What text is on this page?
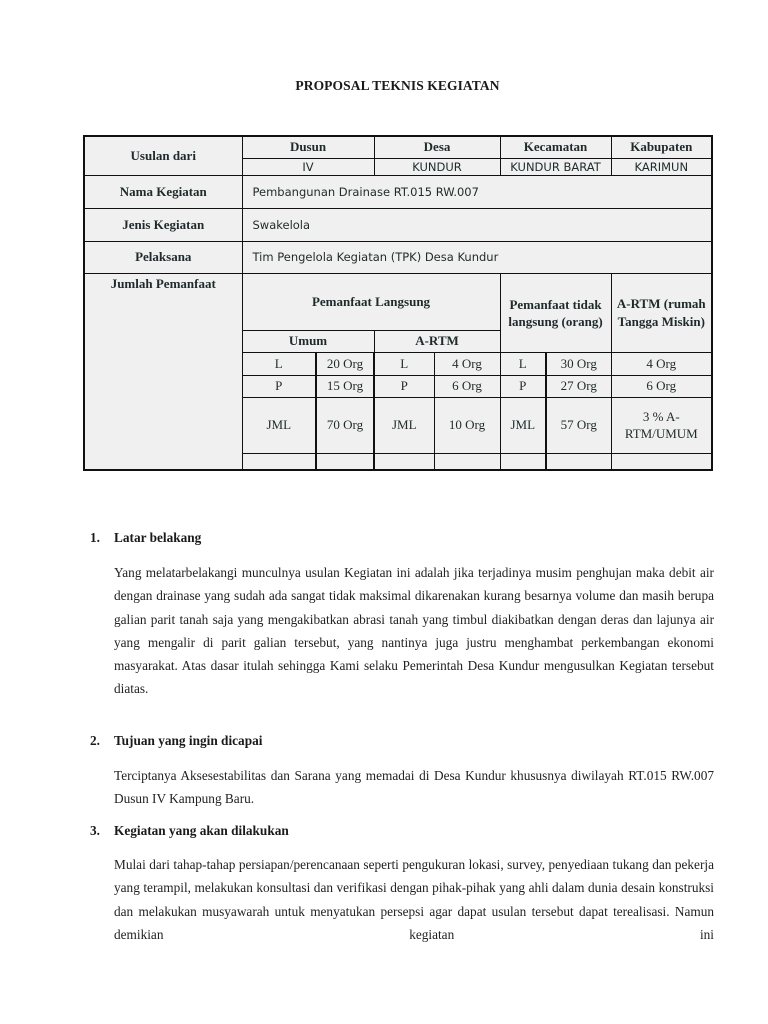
PROPOSAL TEKNIS KEGIATAN
Usulan dari	Dusun		Desa		Kecamatan		Kabupaten
	IV		KUNDUR		KUNDUR BARAT		KARIMUN
Nama Kegiatan	Pembangunan Drainase RT.015 RW.007						
Jenis Kegiatan	Swakelola						
Pelaksana	Tim Pengelola Kegiatan (TPK) Desa Kundur						
Jumlah Pemanfaat	Pemanfaat Langsung				Pemanfaat tidak langsung (orang)		A-RTM (rumah Tangga Miskin)
	Umum		A-RTM				
	L	20 Org	L	4 Org	L	30 Org	4 Org
	P	15 Org	P	6 Org	P	27 Org	6 Org
	JML	70 Org	JML	10 Org	JML	57 Org	3 % A-RTM/UMUM

1. Latar belakang
Yang melatarbelakangi munculnya usulan Kegiatan ini adalah jika terjadinya musim penghujan maka debit air dengan drainase yang sudah ada sangat tidak maksimal dikarenakan kurang besarnya volume dan masih berupa galian parit tanah saja yang mengakibatkan abrasi tanah yang timbul diakibatkan dengan deras dan lajunya air yang mengalir di parit galian tersebut, yang nantinya juga justru menghambat perkembangan ekonomi masyarakat. Atas dasar itulah sehingga Kami selaku Pemerintah Desa Kundur mengusulkan Kegiatan tersebut diatas.
2. Tujuan yang ingin dicapai
Terciptanya Aksesestabilitas dan Sarana yang memadai di Desa Kundur khususnya diwilayah RT.015 RW.007 Dusun IV Kampung Baru.
3. Kegiatan yang akan dilakukan
Mulai dari tahap-tahap persiapan/perencanaan seperti pengukuran lokasi, survey, penyediaan tukang dan pekerja yang terampil, melakukan konsultasi dan verifikasi dengan pihak-pihak yang ahli dalam dunia desain konstruksi dan melakukan musyawarah untuk menyatukan persepsi agar dapat usulan tersebut dapat terealisasi. Namun demikian kegiatan ini
